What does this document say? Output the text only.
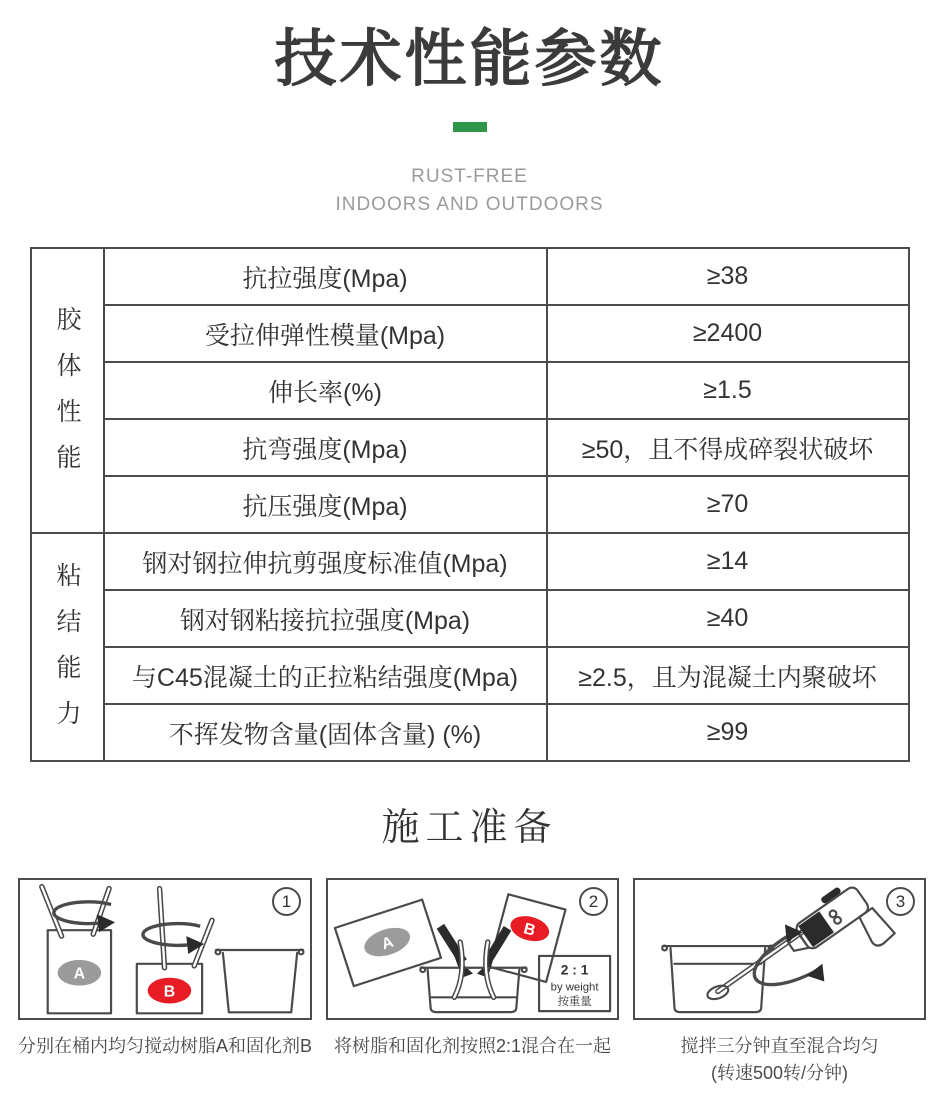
技术性能参数
RUST-FREE
INDOORS AND OUTDOORS
胶体性能	抗拉强度(Mpa)	≥38
	受拉伸弹性模量(Mpa)	≥2400
	伸长率(%)	≥1.5
	抗弯强度(Mpa)	≥50，且不得成碎裂状破坏
	抗压强度(Mpa)	≥70
粘结能力	钢对钢拉伸抗剪强度标准值(Mpa)	≥14
	钢对钢粘接抗拉强度(Mpa)	≥40
	与C45混凝土的正拉粘结强度(Mpa)	≥2.5，且为混凝土内聚破坏
	不挥发物含量(固体含量) (%)	≥99
施工准备
A
B
1
分别在桶内均匀搅动树脂A和固化剂B
A
B
2 : 1
by weight
按重量
2
将树脂和固化剂按照2:1混合在一起
3
搅拌三分钟直至混合均匀
(转速500转/分钟)
